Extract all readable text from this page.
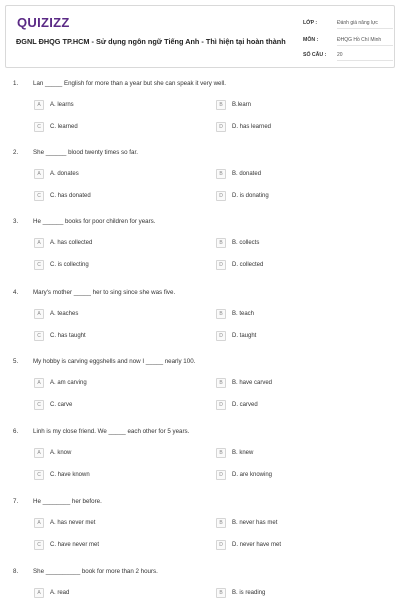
QUIZIZZ
ĐGNL ĐHQG TP.HCM - Sử dụng ngôn ngữ Tiếng Anh - Thì hiện tại hoàn thành
LỚP :	Đánh giá năng lực
MÔN :	ĐHQG Hồ Chí Minh
SỐ CÂU : 20
1. Lan _____ English for more than a year but she can speak it very well.
A	A. learns	B	B.learn
C	C. learned	D	D. has learned
2. She ______ blood twenty times so far.
A	A. donates	B	B. donated
C	C. has donated	D	D. is donating
3. He ______ books for poor children for years.
A	A. has collected	B	B. collects
C	C. is collecting	D	D. collected
4. Mary's mother _____ her to sing since she was five.
A	A. teaches	B	B. teach
C	C. has taught	D	D. taught
5. My hobby is carving eggshells and now I _____ nearly 100.
A	A. am carving	B	B. have carved
C	C. carve	D	D. carved
6. Linh is my close friend. We _____ each other for 5 years.
A	A. know	B	B. knew
C	C. have known	D	D. are knowing
7. He ________ her before.
A	A. has never met	B	B. never has met
C	C. have never met	D	D. never have met
8. She __________ book for more than 2 hours.
A	A. read	B	B. is reading
